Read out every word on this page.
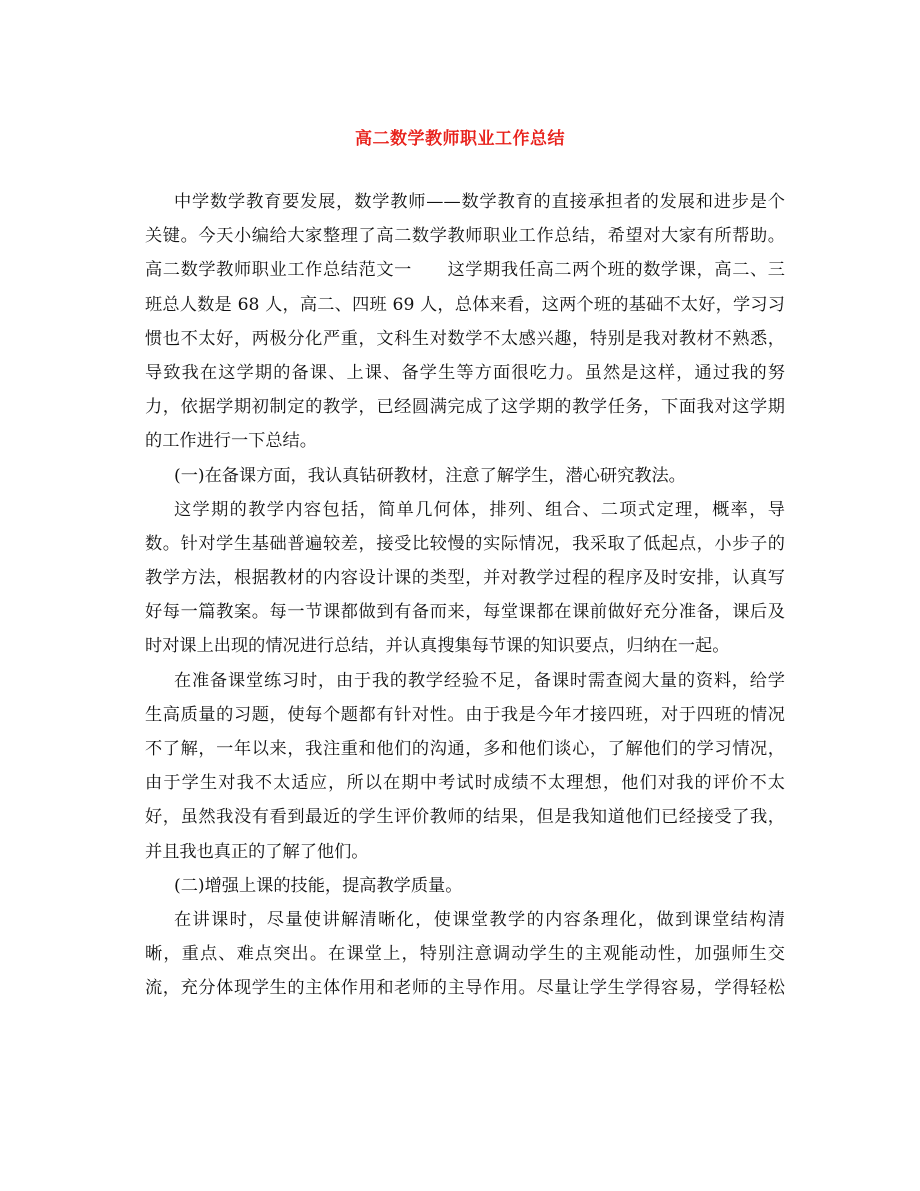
高二数学教师职业工作总结
中学数学教育要发展，数学教师——数学教育的直接承担者的发展和进步是个
关键。今天小编给大家整理了高二数学教师职业工作总结，希望对大家有所帮助。
高二数学教师职业工作总结范文一　　这学期我任高二两个班的数学课，高二、三
班总人数是 68 人，高二、四班 69 人，总体来看，这两个班的基础不太好，学习习
惯也不太好，两极分化严重，文科生对数学不太感兴趣，特别是我对教材不熟悉，
导致我在这学期的备课、上课、备学生等方面很吃力。虽然是这样，通过我的努
力，依据学期初制定的教学，已经圆满完成了这学期的教学任务，下面我对这学期
的工作进行一下总结。
(一)在备课方面，我认真钻研教材，注意了解学生，潜心研究教法。
这学期的教学内容包括，简单几何体，排列、组合、二项式定理，概率，导
数。针对学生基础普遍较差，接受比较慢的实际情况，我采取了低起点，小步子的
教学方法，根据教材的内容设计课的类型，并对教学过程的程序及时安排，认真写
好每一篇教案。每一节课都做到有备而来，每堂课都在课前做好充分准备，课后及
时对课上出现的情况进行总结，并认真搜集每节课的知识要点，归纳在一起。
在准备课堂练习时，由于我的教学经验不足，备课时需查阅大量的资料，给学
生高质量的习题，使每个题都有针对性。由于我是今年才接四班，对于四班的情况
不了解，一年以来，我注重和他们的沟通，多和他们谈心，了解他们的学习情况，
由于学生对我不太适应，所以在期中考试时成绩不太理想，他们对我的评价不太
好，虽然我没有看到最近的学生评价教师的结果，但是我知道他们已经接受了我，
并且我也真正的了解了他们。
(二)增强上课的技能，提高教学质量。
在讲课时，尽量使讲解清晰化，使课堂教学的内容条理化，做到课堂结构清
晰，重点、难点突出。在课堂上，特别注意调动学生的主观能动性，加强师生交
流，充分体现学生的主体作用和老师的主导作用。尽量让学生学得容易，学得轻松
